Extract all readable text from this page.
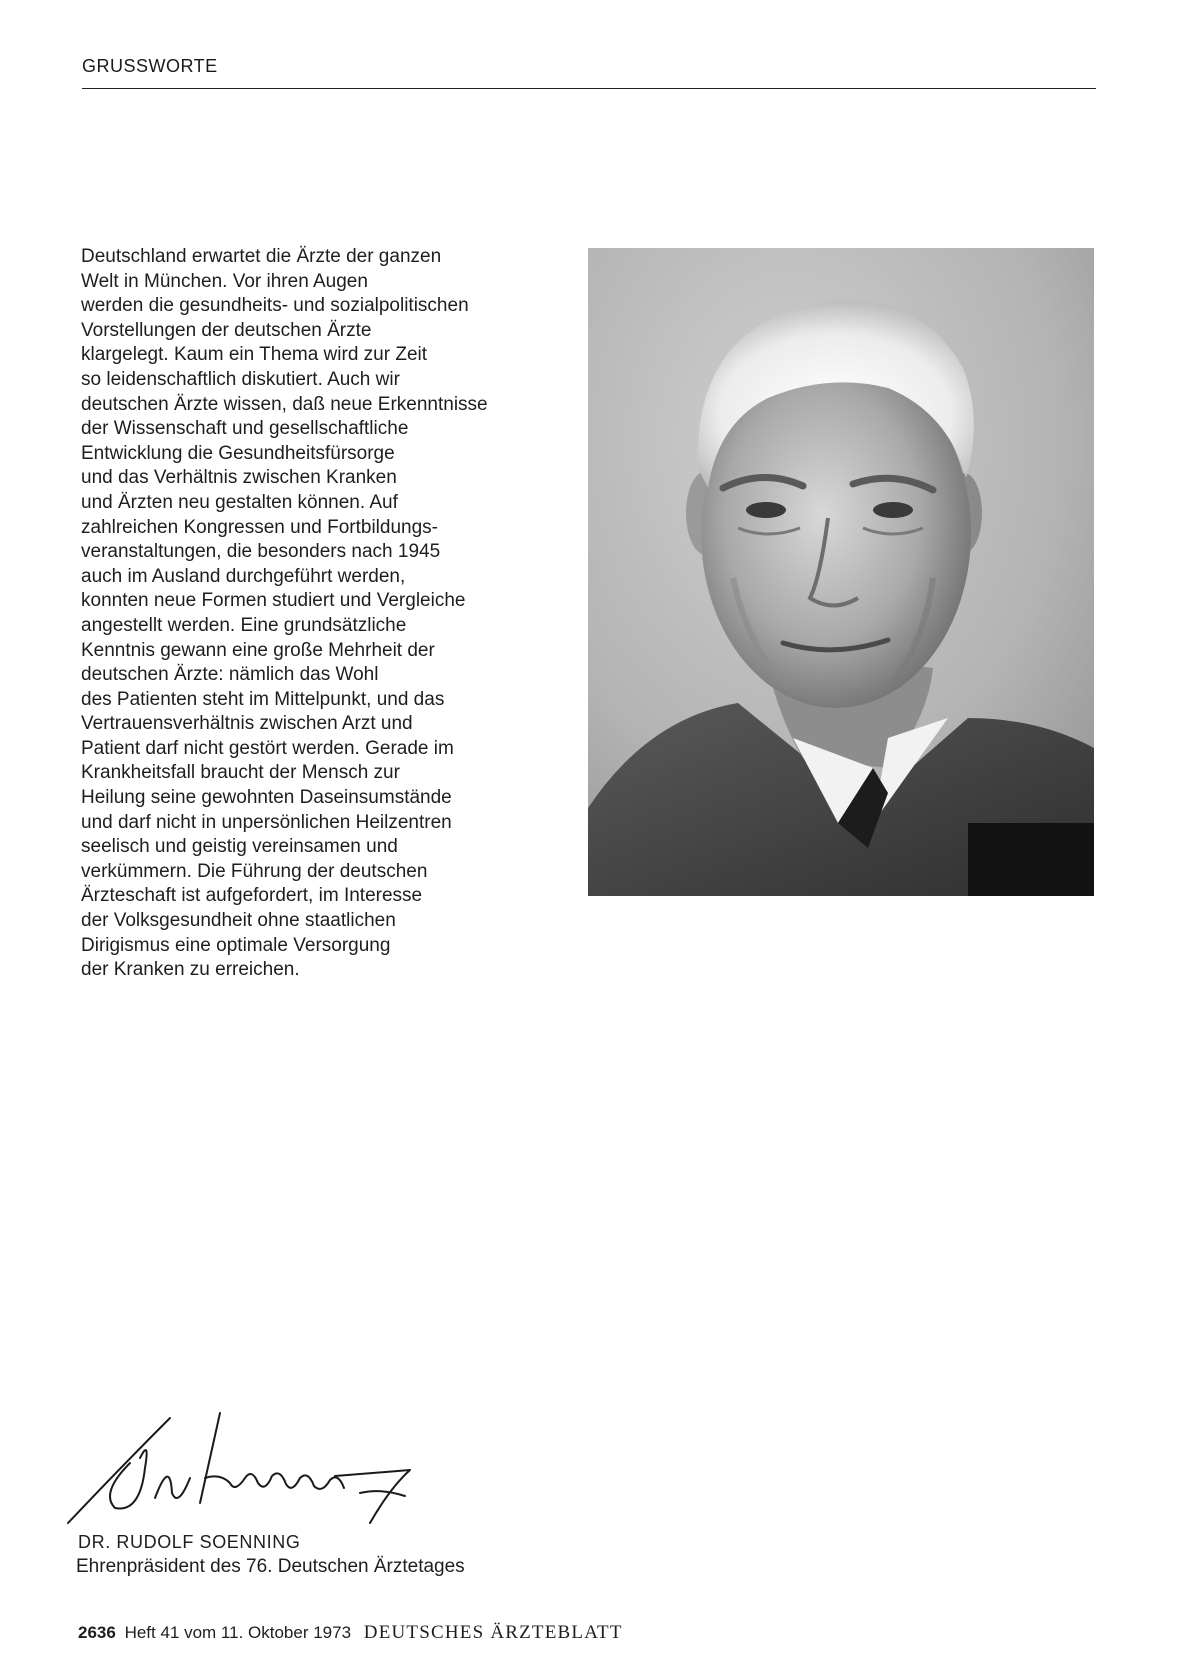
GRUSSWORTE

Deutschland erwartet die Ärzte der ganzen
Welt in München. Vor ihren Augen
werden die gesundheits- und sozialpolitischen
Vorstellungen der deutschen Ärzte
klargelegt. Kaum ein Thema wird zur Zeit
so leidenschaftlich diskutiert. Auch wir
deutschen Ärzte wissen, daß neue Erkenntnisse
der Wissenschaft und gesellschaftliche
Entwicklung die Gesundheitsfürsorge
und das Verhältnis zwischen Kranken
und Ärzten neu gestalten können. Auf
zahlreichen Kongressen und Fortbildungs-
veranstaltungen, die besonders nach 1945
auch im Ausland durchgeführt werden,
konnten neue Formen studiert und Vergleiche
angestellt werden. Eine grundsätzliche
Kenntnis gewann eine große Mehrheit der
deutschen Ärzte: nämlich das Wohl
des Patienten steht im Mittelpunkt, und das
Vertrauensverhältnis zwischen Arzt und
Patient darf nicht gestört werden. Gerade im
Krankheitsfall braucht der Mensch zur
Heilung seine gewohnten Daseinsumstände
und darf nicht in unpersönlichen Heilzentren
seelisch und geistig vereinsamen und
verkümmern. Die Führung der deutschen
Ärzteschaft ist aufgefordert, im Interesse
der Volksgesundheit ohne staatlichen
Dirigismus eine optimale Versorgung
der Kranken zu erreichen.

DR. RUDOLF SOENNING
Ehrenpräsident des 76. Deutschen Ärztetages
2636 Heft 41 vom 11. Oktober 1973 DEUTSCHES ÄRZTEBLATT
